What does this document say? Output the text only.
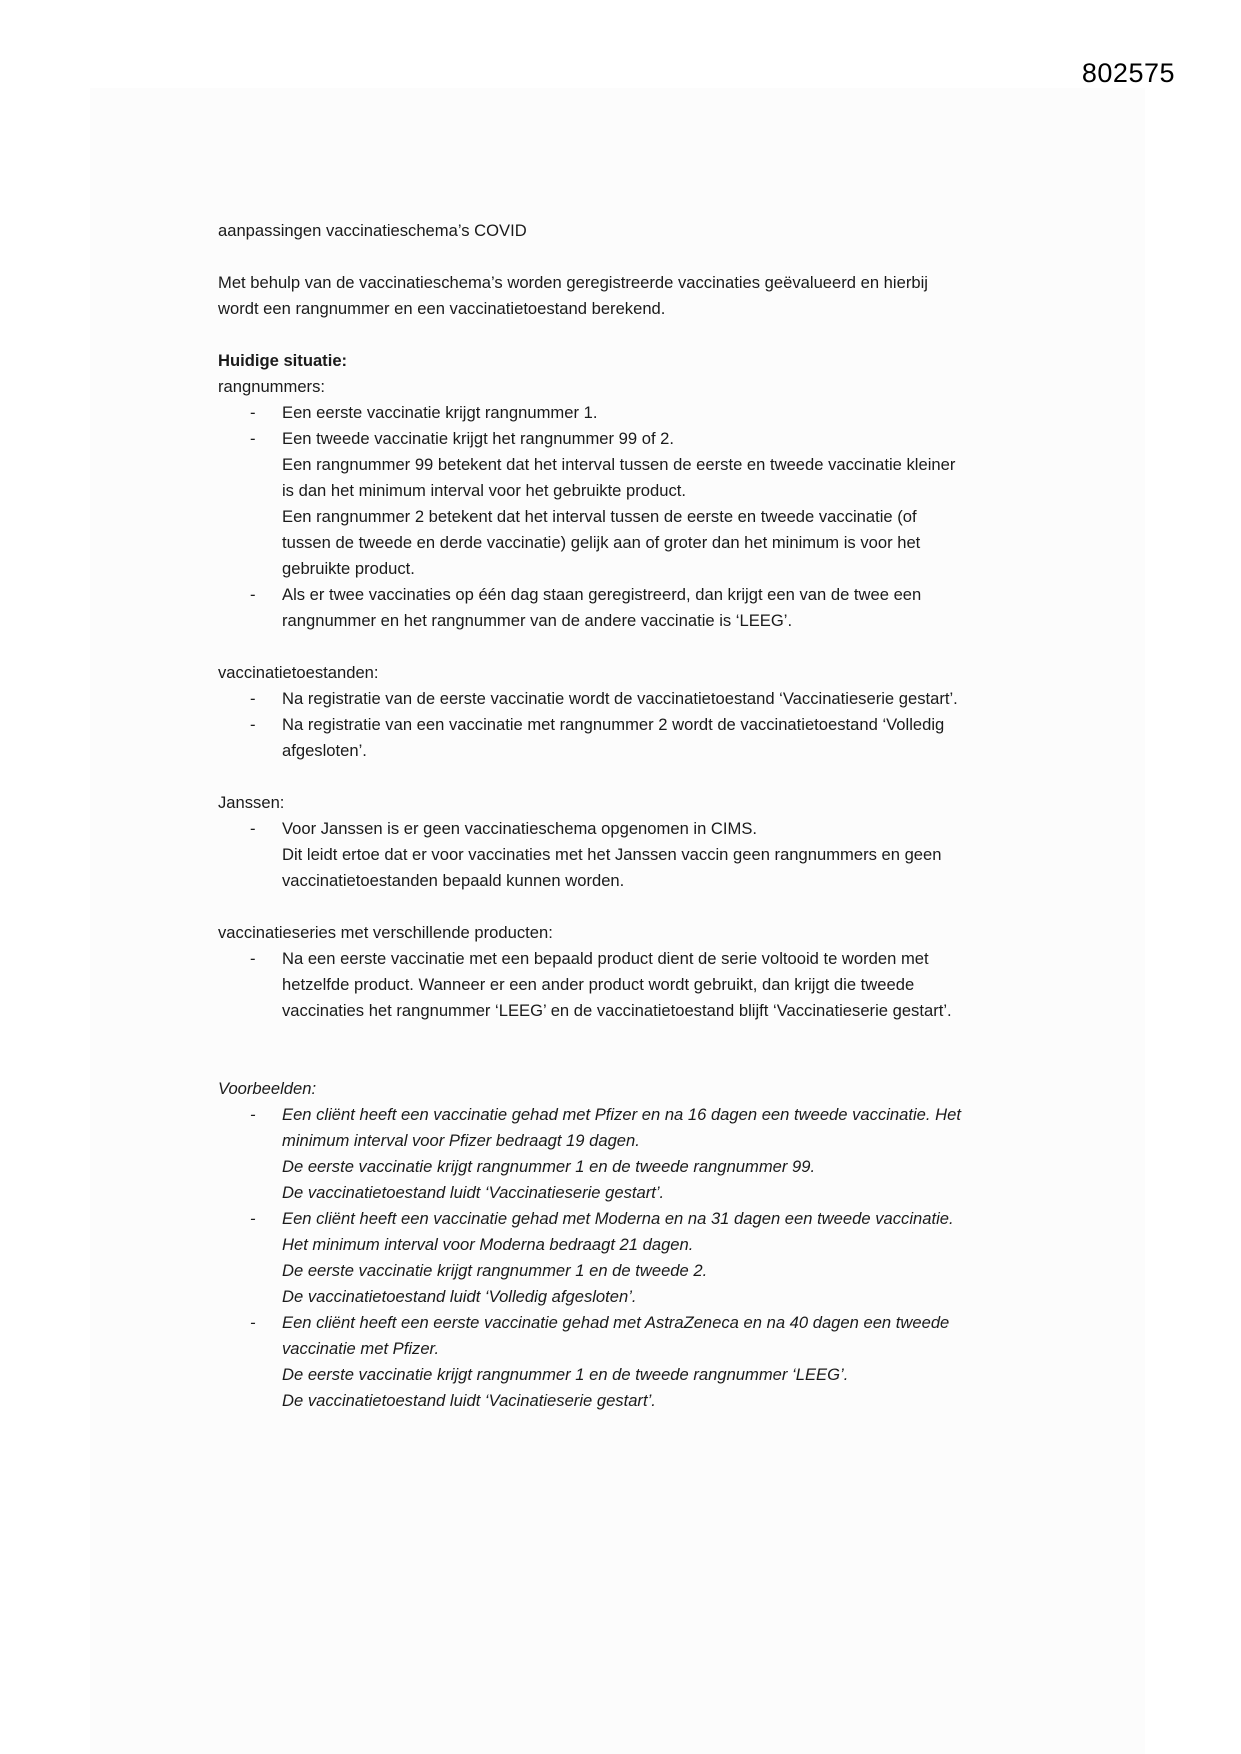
802575

aanpassingen vaccinatieschema’s COVID

Met behulp van de vaccinatieschema’s worden geregistreerde vaccinaties geëvalueerd en hierbij
wordt een rangnummer en een vaccinatietoestand berekend.

Huidige situatie:

rangnummers:

- Een eerste vaccinatie krijgt rangnummer 1.
- Een tweede vaccinatie krijgt het rangnummer 99 of 2.
Een rangnummer 99 betekent dat het interval tussen de eerste en tweede vaccinatie kleiner
is dan het minimum interval voor het gebruikte product.
Een rangnummer 2 betekent dat het interval tussen de eerste en tweede vaccinatie (of
tussen de tweede en derde vaccinatie) gelijk aan of groter dan het minimum is voor het
gebruikte product.
- Als er twee vaccinaties op één dag staan geregistreerd, dan krijgt een van de twee een
rangnummer en het rangnummer van de andere vaccinatie is ‘LEEG’.

vaccinatietoestanden:

- Na registratie van de eerste vaccinatie wordt de vaccinatietoestand ‘Vaccinatieserie gestart’.
- Na registratie van een vaccinatie met rangnummer 2 wordt de vaccinatietoestand ‘Volledig
afgesloten’.

Janssen:

- Voor Janssen is er geen vaccinatieschema opgenomen in CIMS.
Dit leidt ertoe dat er voor vaccinaties met het Janssen vaccin geen rangnummers en geen
vaccinatietoestanden bepaald kunnen worden.

vaccinatieseries met verschillende producten:

- Na een eerste vaccinatie met een bepaald product dient de serie voltooid te worden met
hetzelfde product. Wanneer er een ander product wordt gebruikt, dan krijgt die tweede
vaccinaties het rangnummer ‘LEEG’ en de vaccinatietoestand blijft ‘Vaccinatieserie gestart’.

Voorbeelden:

- Een cliënt heeft een vaccinatie gehad met Pfizer en na 16 dagen een tweede vaccinatie. Het
minimum interval voor Pfizer bedraagt 19 dagen.
De eerste vaccinatie krijgt rangnummer 1 en de tweede rangnummer 99.
De vaccinatietoestand luidt ‘Vaccinatieserie gestart’.
- Een cliënt heeft een vaccinatie gehad met Moderna en na 31 dagen een tweede vaccinatie.
Het minimum interval voor Moderna bedraagt 21 dagen.
De eerste vaccinatie krijgt rangnummer 1 en de tweede 2.
De vaccinatietoestand luidt ‘Volledig afgesloten’.
- Een cliënt heeft een eerste vaccinatie gehad met AstraZeneca en na 40 dagen een tweede
vaccinatie met Pfizer.
De eerste vaccinatie krijgt rangnummer 1 en de tweede rangnummer ‘LEEG’.
De vaccinatietoestand luidt ‘Vacinatieserie gestart’.
